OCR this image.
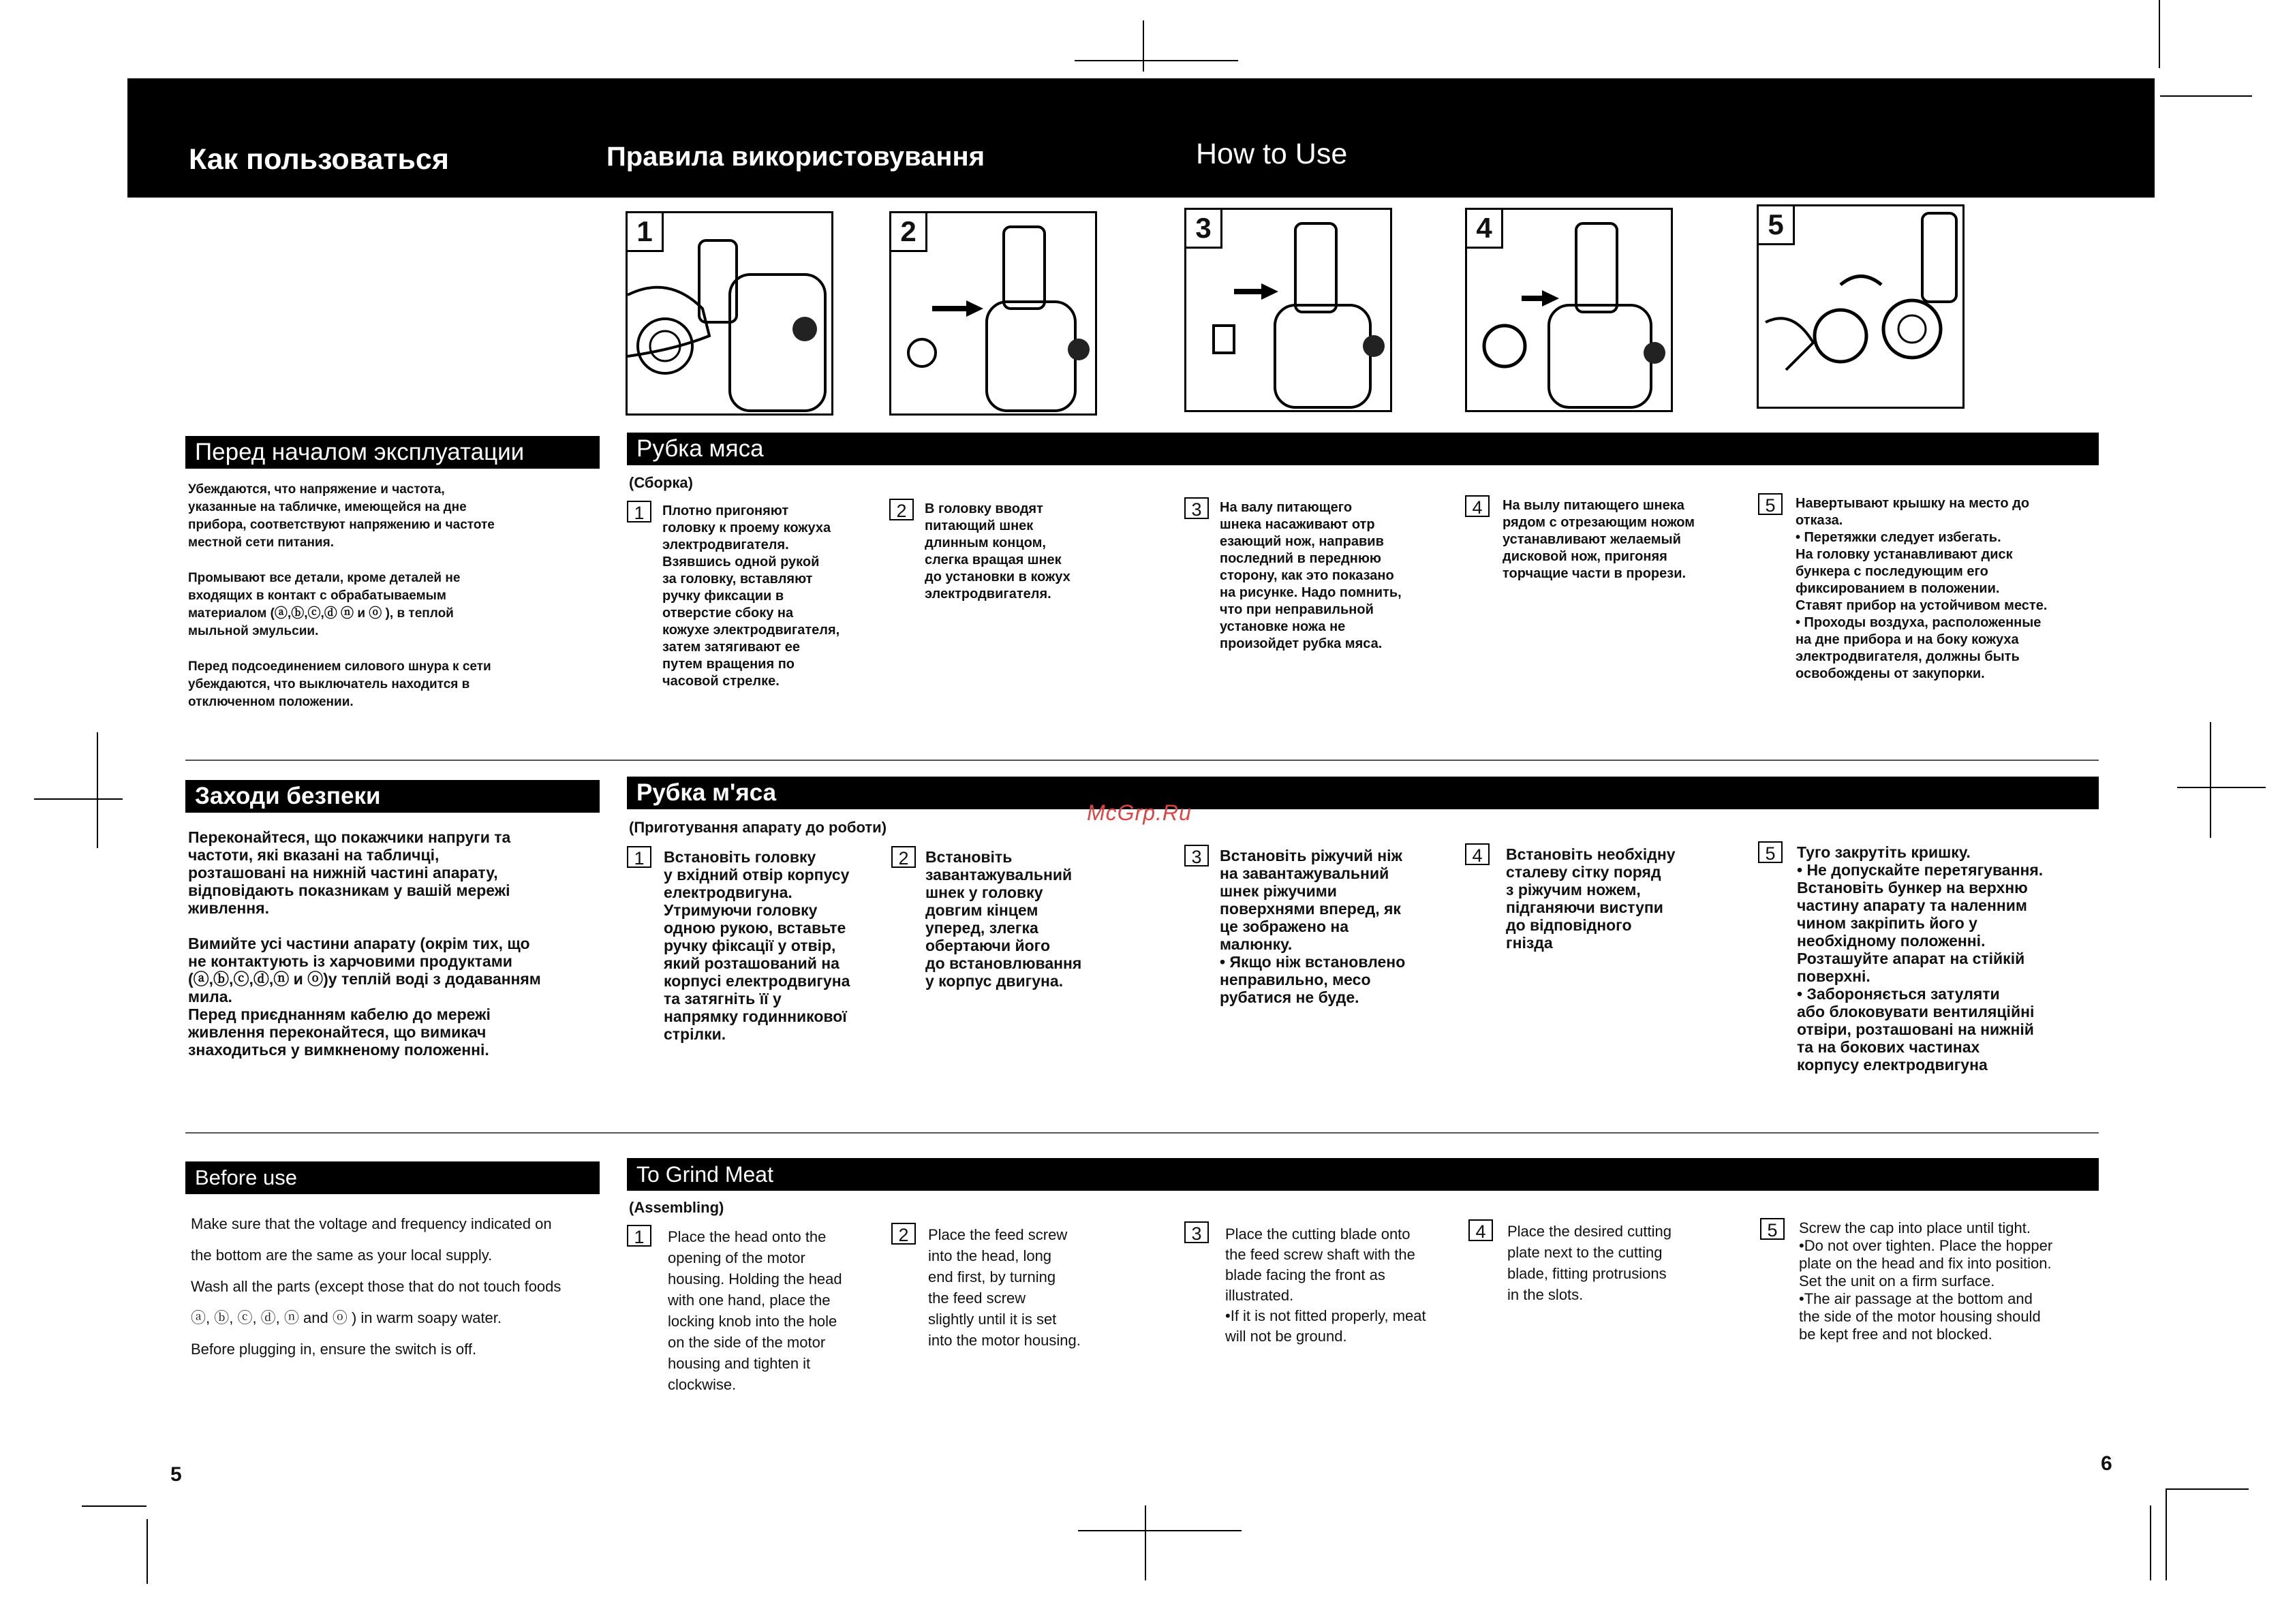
Как пользоваться	Правила використовування	How to Use
1	2	3	4	5
Перед началом эксплуатации
Убеждаются, что напряжение и частота,
указанные на табличке, имеющейся на дне
прибора, соответствуют напряжению и частоте
местной сети питания.

Промывают все детали, кроме деталей не
входящих в контакт с обрабатываемым
материалом (ⓐ,ⓑ,ⓒ,ⓓ ⓝ и ⓞ ), в теплой
мыльной эмульсии.

Перед подсоединением силового шнура к сети
убеждаются, что выключатель находится в
отключенном положении.
Рубка мяса
(Сборка)
1	Плотно пригоняют
головку к проему кожуха
электродвигателя.
Взявшись одной рукой
за головку, вставляют
ручку фиксации в
отверстие сбоку на
кожухе электродвигателя,
затем затягивают ее
путем вращения по
часовой стрелке.
2	В головку вводят
питающий шнек
длинным концом,
слегка вращая шнек
до установки в кожух
электродвигателя.
3	На валу питающего
шнека насаживают отр
езающий нож, направив
последний в переднюю
сторону, как это показано
на рисунке. Надо помнить,
что при неправильной
установке ножа не
произойдет рубка мяса.
4	На вылу питающего шнека
рядом с отрезающим ножом
устанавливают желаемый
дисковой нож, пригоняя
торчащие части в прорези.
5	Навертывают крышку на место до
отказа.
• Перетяжки следует избегать.
На головку устанавливают диск
бункера с последующим его
фиксированием в положении.
Ставят прибор на устойчивом месте.
• Проходы воздуха, расположенные
на дне прибора и на боку кожуха
электродвигателя, должны быть
освобождены от закупорки.
Заходи безпеки
Переконайтеся, що покажчики напруги та
частоти, які вказані на табличці,
розташовані на нижній частині апарату,
відповідають показникам у вашій мережі
живлення.

Вимийте усі частини апарату (окрім тих, що
не контактують із харчовими продуктами
(ⓐ,ⓑ,ⓒ,ⓓ,ⓝ и ⓞ)у теплій воді з додаванням
мила.
Перед приєднанням кабелю до мережі
живлення переконайтеся, що вимикач
знаходиться у вимкненому положенні.
Рубка м'яса
(Приготування апарату до роботи)
1	Встановіть головку
у вхідний отвір корпусу
електродвигуна.
Утримуючи головку
одною рукою, вставьте
ручку фіксації у отвір,
який розташований на
корпусі електродвигуна
та затягніть її у
напрямку годинникової
стрілки.
2	Встановіть
завантажувальний
шнек у головку
довгим кінцем
уперед, злегка
обертаючи його
до встановлювання
у корпус двигуна.
3	Встановіть ріжучий ніж
на завантажувальний
шнек ріжучими
поверхнями вперед, як
це зображено на
малюнку.
• Якщо ніж встановлено
неправильно, месо
рубатися не буде.
4	Встановіть необхідну
сталеву сітку поряд
з ріжучим ножем,
підганяючи виступи
до відповідного
гнізда
5	Туго закрутіть кришку.
• Не допускайте перетягування.
Встановіть бункер на верхню
частину апарату та наленним
чином закріпить його у
необхідному положенні.
Розташуйте апарат на стійкій
поверхні.
• Забороняється затуляти
або блоковувати вентиляційні
отвіри, розташовані на нижній
та на бокових частинах
корпусу електродвигуна
Before use
Make sure that the voltage and frequency indicated on
the bottom are the same as your local supply.
Wash all the parts (except those that do not touch foods
ⓐ, ⓑ, ⓒ, ⓓ, ⓝ and ⓞ ) in warm soapy water.
Before plugging in, ensure the switch is off.
To Grind Meat
(Assembling)
1	Place the head onto the
opening of the motor
housing. Holding the head
with one hand, place the
locking knob into the hole
on the side of the motor
housing and tighten it
clockwise.
2	Place the feed screw
into the head, long
end first, by turning
the feed screw
slightly until it is set
into the motor housing.
3	Place the cutting blade onto
the feed screw shaft with the
blade facing the front as
illustrated.
•If it is not fitted properly, meat
will not be ground.
4	Place the desired cutting
plate next to the cutting
blade, fitting protrusions
in the slots.
5	Screw the cap into place until tight.
•Do not over tighten. Place the hopper
plate on the head and fix into position.
Set the unit on a firm surface.
•The air passage at the bottom and
the side of the motor housing should
be kept free and not blocked.
McGrp.Ru
5	6
